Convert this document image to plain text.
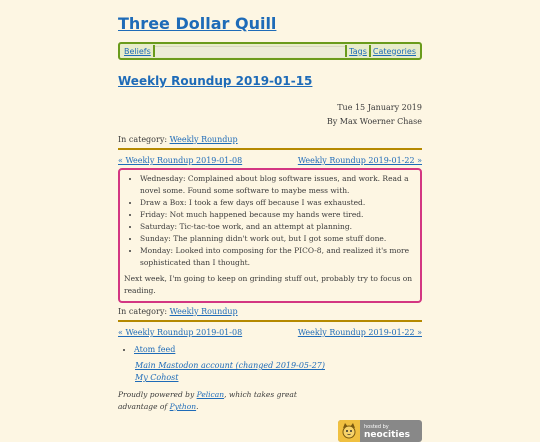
Three Dollar Quill
Beliefs	Tags Categories
Weekly Roundup 2019-01-15
Tue 15 January 2019
By Max Woerner Chase
In category: Weekly Roundup
« Weekly Roundup 2019-01-08	Weekly Roundup 2019-01-22 »
• Wednesday: Complained about blog software issues, and work. Read a novel some. Found some software to maybe mess with.
• Draw a Box: I took a few days off because I was exhausted.
• Friday: Not much happened because my hands were tired.
• Saturday: Tic-tac-toe work, and an attempt at planning.
• Sunday: The planning didn't work out, but I got some stuff done.
• Monday: Looked into composing for the PICO-8, and realized it's more sophisticated than I thought.

Next week, I'm going to keep on grinding stuff out, probably try to focus on reading.

In category: Weekly Roundup
« Weekly Roundup 2019-01-08	Weekly Roundup 2019-01-22 »
• Atom feed
Main Mastodon account (changed 2019-05-27)
My Cohost
Proudly powered by Pelican, which takes great advantage of Python.
hosted by
neocities
